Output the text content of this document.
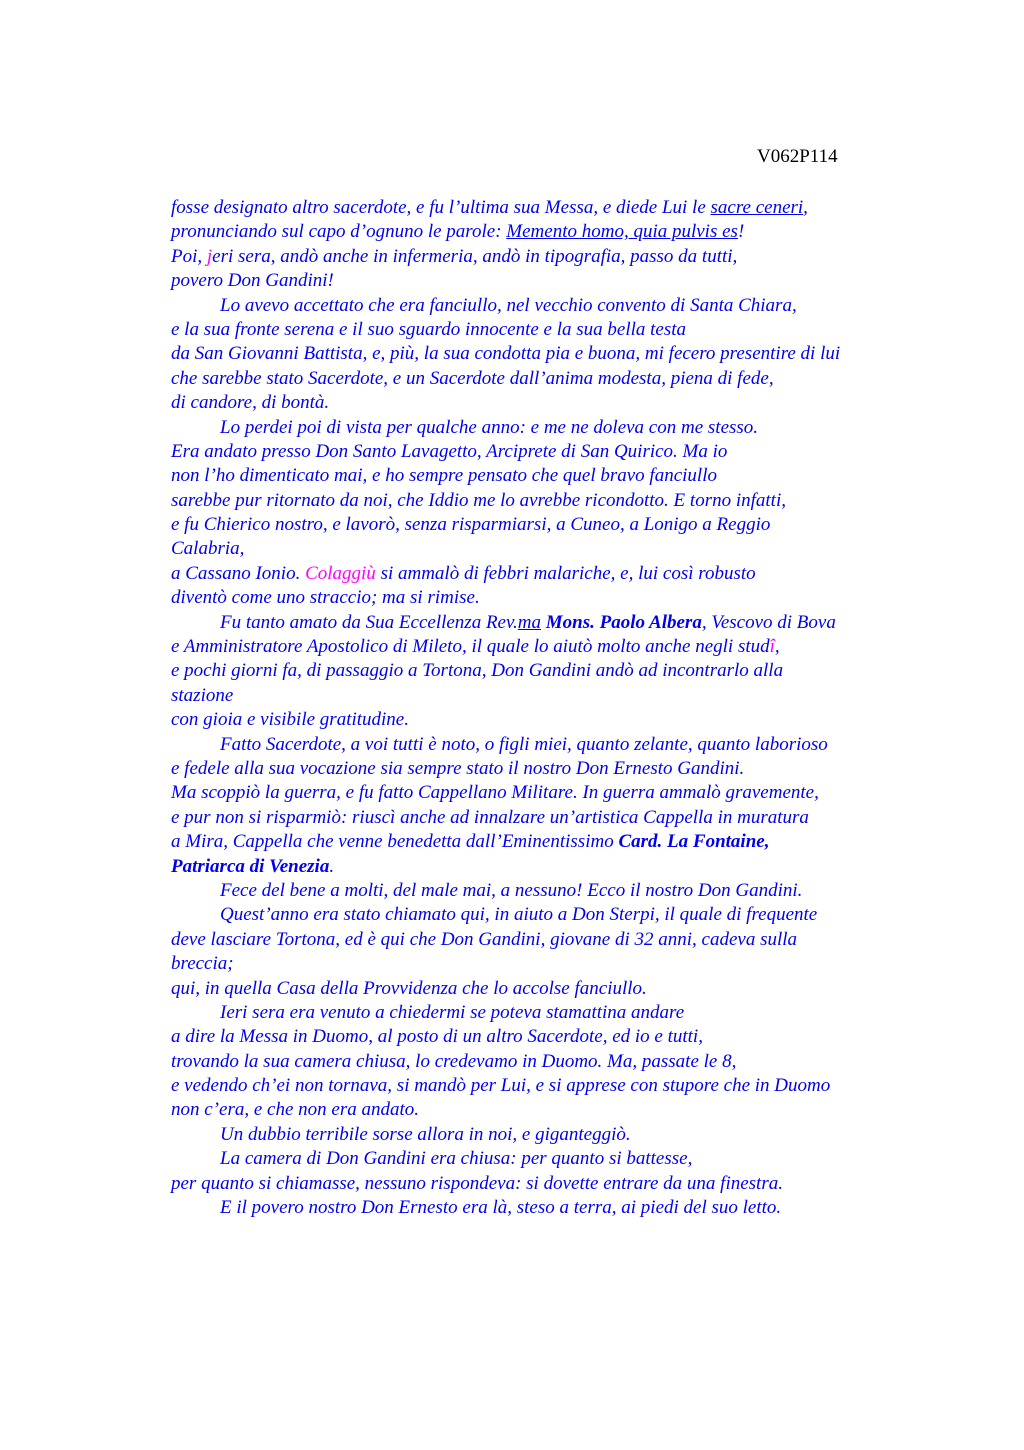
V062P114
fosse designato altro sacerdote, e fu l’ultima sua Messa, e diede Lui le sacre ceneri,
pronunciando sul capo d’ognuno le parole: Memento homo, quia pulvis es!
Poi, jeri sera, andò anche in infermeria, andò in tipografia, passo da tutti,
povero Don Gandini!
Lo avevo accettato che era fanciullo, nel vecchio convento di Santa Chiara,
e la sua fronte serena e il suo sguardo innocente e la sua bella testa
da San Giovanni Battista, e, più, la sua condotta pia e buona, mi fecero presentire di lui
che sarebbe stato Sacerdote, e un Sacerdote dall’anima modesta, piena di fede,
di candore, di bontà.
Lo perdei poi di vista per qualche anno: e me ne doleva con me stesso.
Era andato presso Don Santo Lavagetto, Arciprete di San Quirico. Ma io
non l’ho dimenticato mai, e ho sempre pensato che quel bravo fanciullo
sarebbe pur ritornato da noi, che Iddio me lo avrebbe ricondotto. E torno infatti,
e fu Chierico nostro, e lavorò, senza risparmiarsi, a Cuneo, a Lonigo a Reggio
Calabria,
a Cassano Ionio. Colaggiù si ammalò di febbri malariche, e, lui così robusto
diventò come uno straccio; ma si rimise.
Fu tanto amato da Sua Eccellenza Rev.ma Mons. Paolo Albera, Vescovo di Bova
e Amministratore Apostolico di Mileto, il quale lo aiutò molto anche negli studî,
e pochi giorni fa, di passaggio a Tortona, Don Gandini andò ad incontrarlo alla
stazione
con gioia e visibile gratitudine.
Fatto Sacerdote, a voi tutti è noto, o figli miei, quanto zelante, quanto laborioso
e fedele alla sua vocazione sia sempre stato il nostro Don Ernesto Gandini.
Ma scoppiò la guerra, e fu fatto Cappellano Militare. In guerra ammalò gravemente,
e pur non si risparmiò: riuscì anche ad innalzare un’artistica Cappella in muratura
a Mira, Cappella che venne benedetta dall’Eminentissimo Card. La Fontaine,
Patriarca di Venezia.
Fece del bene a molti, del male mai, a nessuno! Ecco il nostro Don Gandini.
Quest’anno era stato chiamato qui, in aiuto a Don Sterpi, il quale di frequente
deve lasciare Tortona, ed è qui che Don Gandini, giovane di 32 anni, cadeva sulla
breccia;
qui, in quella Casa della Provvidenza che lo accolse fanciullo.
Ieri sera era venuto a chiedermi se poteva stamattina andare
a dire la Messa in Duomo, al posto di un altro Sacerdote, ed io e tutti,
trovando la sua camera chiusa, lo credevamo in Duomo. Ma, passate le 8,
e vedendo ch’ei non tornava, si mandò per Lui, e si apprese con stupore che in Duomo
non c’era, e che non era andato.
Un dubbio terribile sorse allora in noi, e giganteggiò.
La camera di Don Gandini era chiusa: per quanto si battesse,
per quanto si chiamasse, nessuno rispondeva: si dovette entrare da una finestra.
E il povero nostro Don Ernesto era là, steso a terra, ai piedi del suo letto.
